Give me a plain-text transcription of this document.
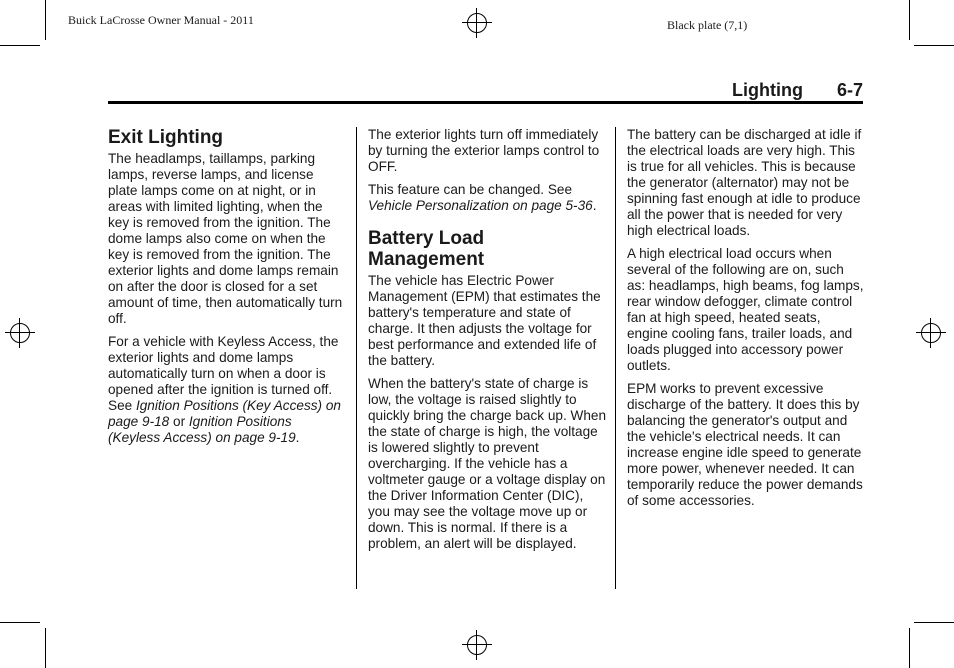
Buick LaCrosse Owner Manual - 2011	Black plate (7,1)
Lighting 6-7
Exit Lighting

The headlamps, taillamps, parking lamps, reverse lamps, and license plate lamps come on at night, or in areas with limited lighting, when the key is removed from the ignition. The dome lamps also come on when the key is removed from the ignition. The exterior lights and dome lamps remain on after the door is closed for a set amount of time, then automatically turn off.

For a vehicle with Keyless Access, the exterior lights and dome lamps automatically turn on when a door is opened after the ignition is turned off. See Ignition Positions (Key Access) on page 9-18 or Ignition Positions (Keyless Access) on page 9-19.

The exterior lights turn off immediately by turning the exterior lamps control to OFF.

This feature can be changed. See Vehicle Personalization on page 5-36.

Battery Load Management

The vehicle has Electric Power Management (EPM) that estimates the battery's temperature and state of charge. It then adjusts the voltage for best performance and extended life of the battery.

When the battery's state of charge is low, the voltage is raised slightly to quickly bring the charge back up. When the state of charge is high, the voltage is lowered slightly to prevent overcharging. If the vehicle has a voltmeter gauge or a voltage display on the Driver Information Center (DIC), you may see the voltage move up or down. This is normal. If there is a problem, an alert will be displayed.

The battery can be discharged at idle if the electrical loads are very high. This is true for all vehicles. This is because the generator (alternator) may not be spinning fast enough at idle to produce all the power that is needed for very high electrical loads.

A high electrical load occurs when several of the following are on, such as: headlamps, high beams, fog lamps, rear window defogger, climate control fan at high speed, heated seats, engine cooling fans, trailer loads, and loads plugged into accessory power outlets.

EPM works to prevent excessive discharge of the battery. It does this by balancing the generator's output and the vehicle's electrical needs. It can increase engine idle speed to generate more power, whenever needed. It can temporarily reduce the power demands of some accessories.
